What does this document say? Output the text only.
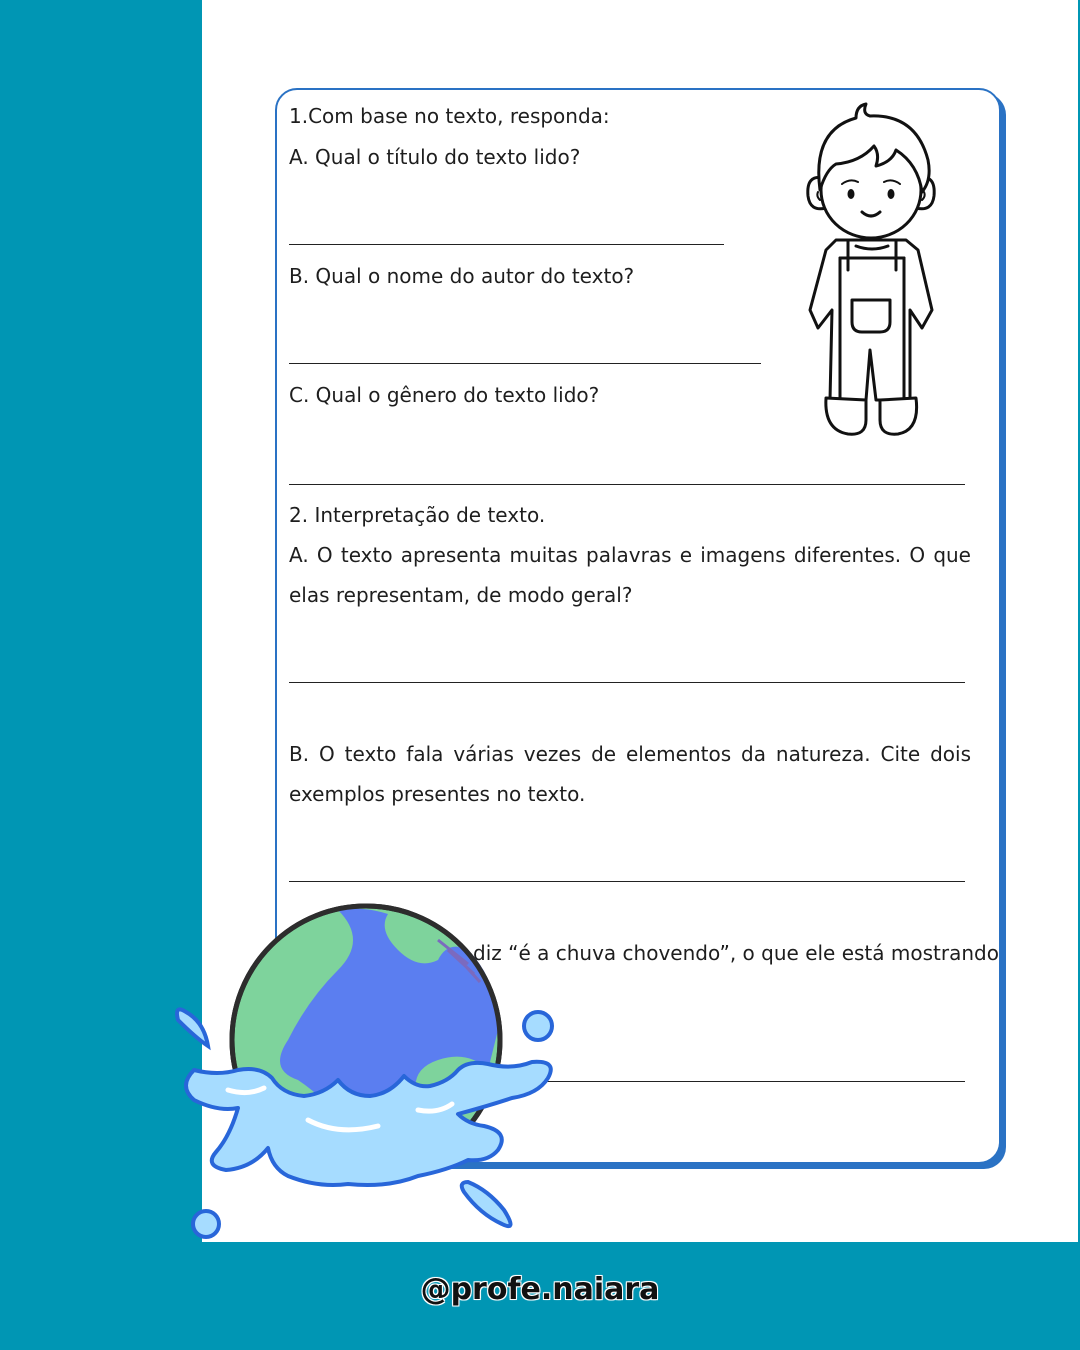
1.Com base no texto, responda:
A. Qual o título do texto lido?
B. Qual o nome do autor do texto?
C. Qual o gênero do texto lido?
2. Interpretação de texto.
A. O texto apresenta muitas palavras e imagens diferentes. O que elas representam, de modo geral?
B. O texto fala várias vezes de elementos da natureza. Cite dois exemplos presentes no texto.
diz “é a chuva chovendo”, o que ele está mostrando
@profe.naiara
